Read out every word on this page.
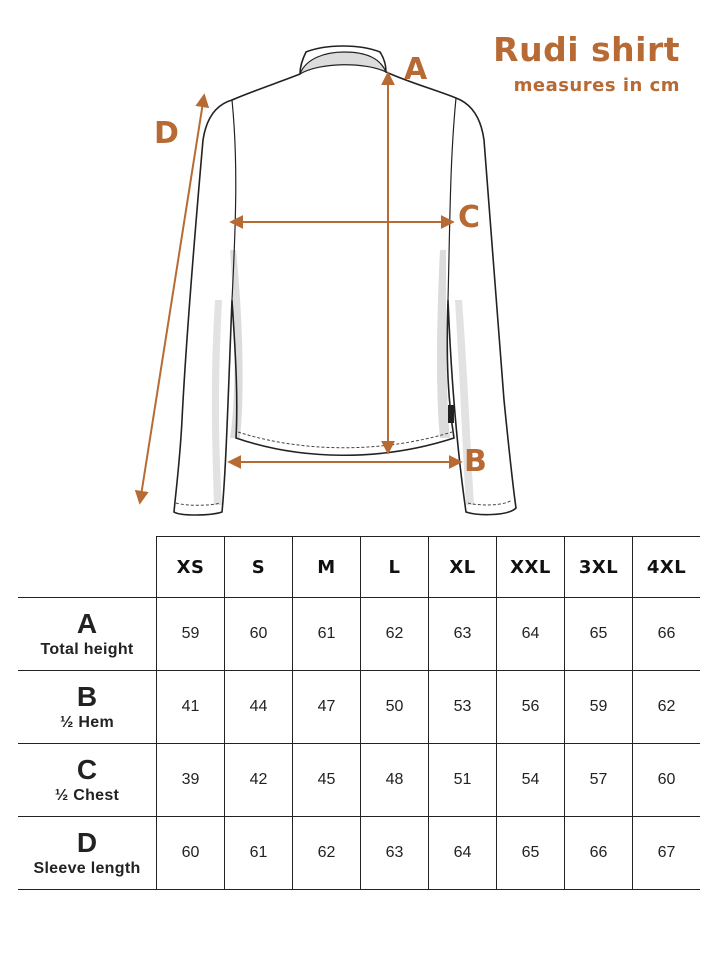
Rudi shirt
measures in cm
A
C
B
D
	XS	S	M	L	XL	XXL	3XL	4XL

A
Total height	59	60	61	62	63	64	65	66

B
½ Hem	41	44	47	50	53	56	59	62

C
½ Chest	39	42	45	48	51	54	57	60

D
Sleeve length	60	61	62	63	64	65	66	67
